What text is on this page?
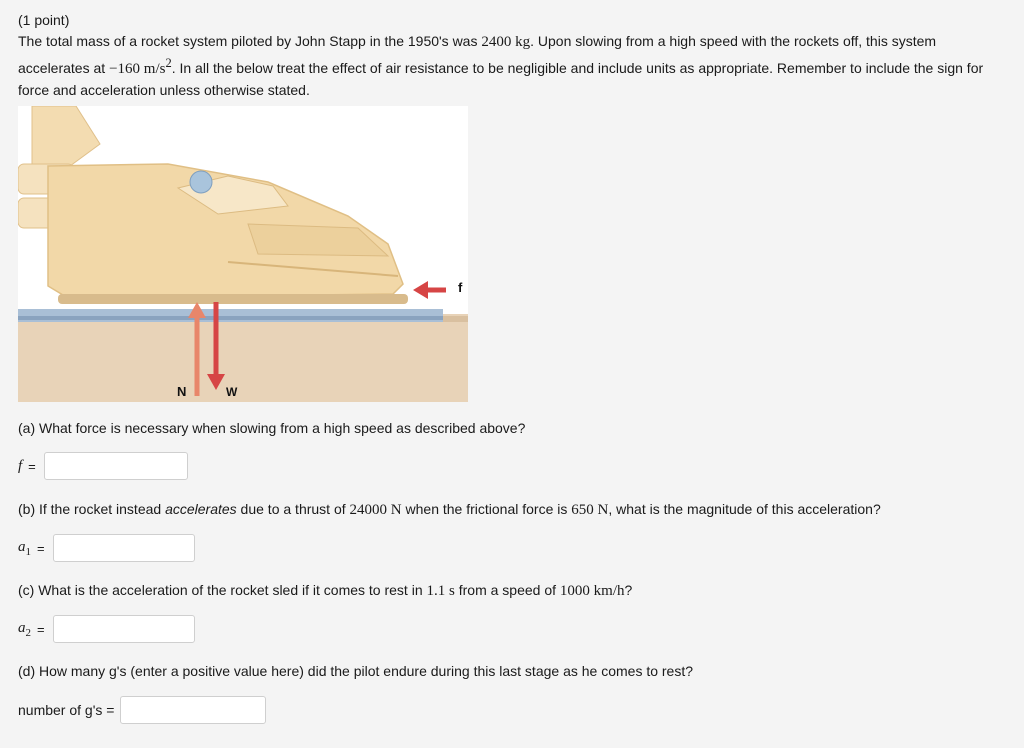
(1 point)

The total mass of a rocket system piloted by John Stapp in the 1950's was 2400 kg. Upon slowing from a high speed with the rockets off, this system accelerates at −160 $m/s^2$. In all the below treat the effect of air resistance to be negligible and include units as appropriate. Remember to include the sign for force and acceleration unless otherwise stated.

f
N	W
(a) What force is necessary when slowing from a high speed as described above?
f =
(b) If the rocket instead accelerates due to a thrust of 24000 N when the frictional force is 650 N, what is the magnitude of this acceleration?
$a_1$ =
(c) What is the acceleration of the rocket sled if it comes to rest in 1.1 s from a speed of 1000 km/h?
$a_2$ =
(d) How many g's (enter a positive value here) did the pilot endure during this last stage as he comes to rest?
number of g's =
